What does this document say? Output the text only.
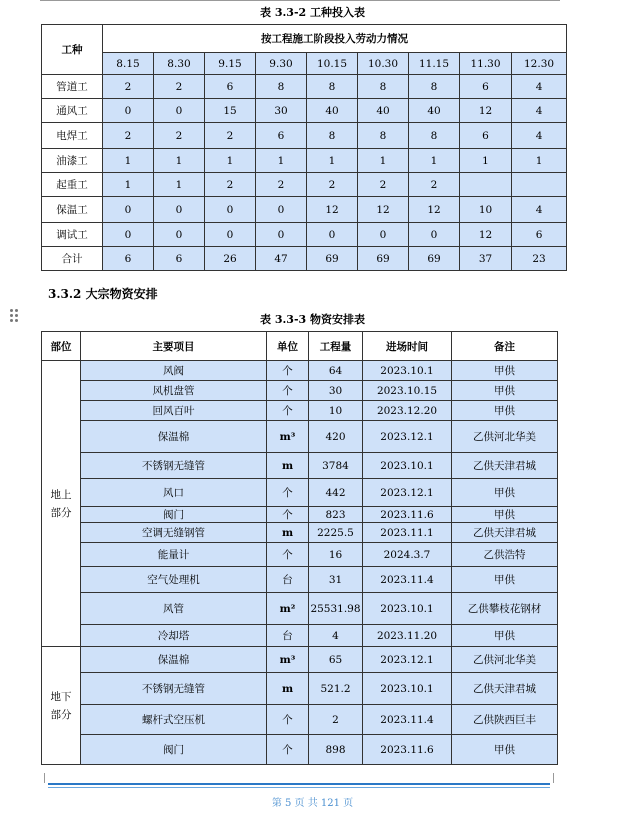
表 3.3-2 工种投入表
工种	按工程施工阶段投入劳动力情况								
	8.15	8.30	9.15	9.30	10.15	10.30	11.15	11.30	12.30
管道工	2	2	6	8	8	8	8	6	4
通风工	0	0	15	30	40	40	40	12	4
电焊工	2	2	2	6	8	8	8	6	4
油漆工	1	1	1	1	1	1	1	1	1
起重工	1	1	2	2	2	2	2		
保温工	0	0	0	0	12	12	12	10	4
调试工	0	0	0	0	0	0	0	12	6
合计	6	6	26	47	69	69	69	37	23
3.3.2 大宗物资安排
表 3.3-3 物资安排表
部位	主要项目	单位	工程量	进场时间	备注
地上部分	风阀	个	64	2023.10.1	甲供
	风机盘管	个	30	2023.10.15	甲供
	回风百叶	个	10	2023.12.20	甲供
	保温棉	m³	420	2023.12.1	乙供河北华美
	不锈钢无缝管	m	3784	2023.10.1	乙供天津君城
	风口	个	442	2023.12.1	甲供
	阀门	个	823	2023.11.6	甲供
	空调无缝钢管	m	2225.5	2023.11.1	乙供天津君城
	能量计	个	16	2024.3.7	乙供浩特
	空气处理机	台	31	2023.11.4	甲供
	风管	m²	25531.98	2023.10.1	乙供攀枝花钢材
	冷却塔	台	4	2023.11.20	甲供
地下部分	保温棉	m³	65	2023.12.1	乙供河北华美
	不锈钢无缝管	m	521.2	2023.10.1	乙供天津君城
	螺杆式空压机	个	2	2023.11.4	乙供陕西巨丰
	阀门	个	898	2023.11.6	甲供
第 5 页 共 121 页
